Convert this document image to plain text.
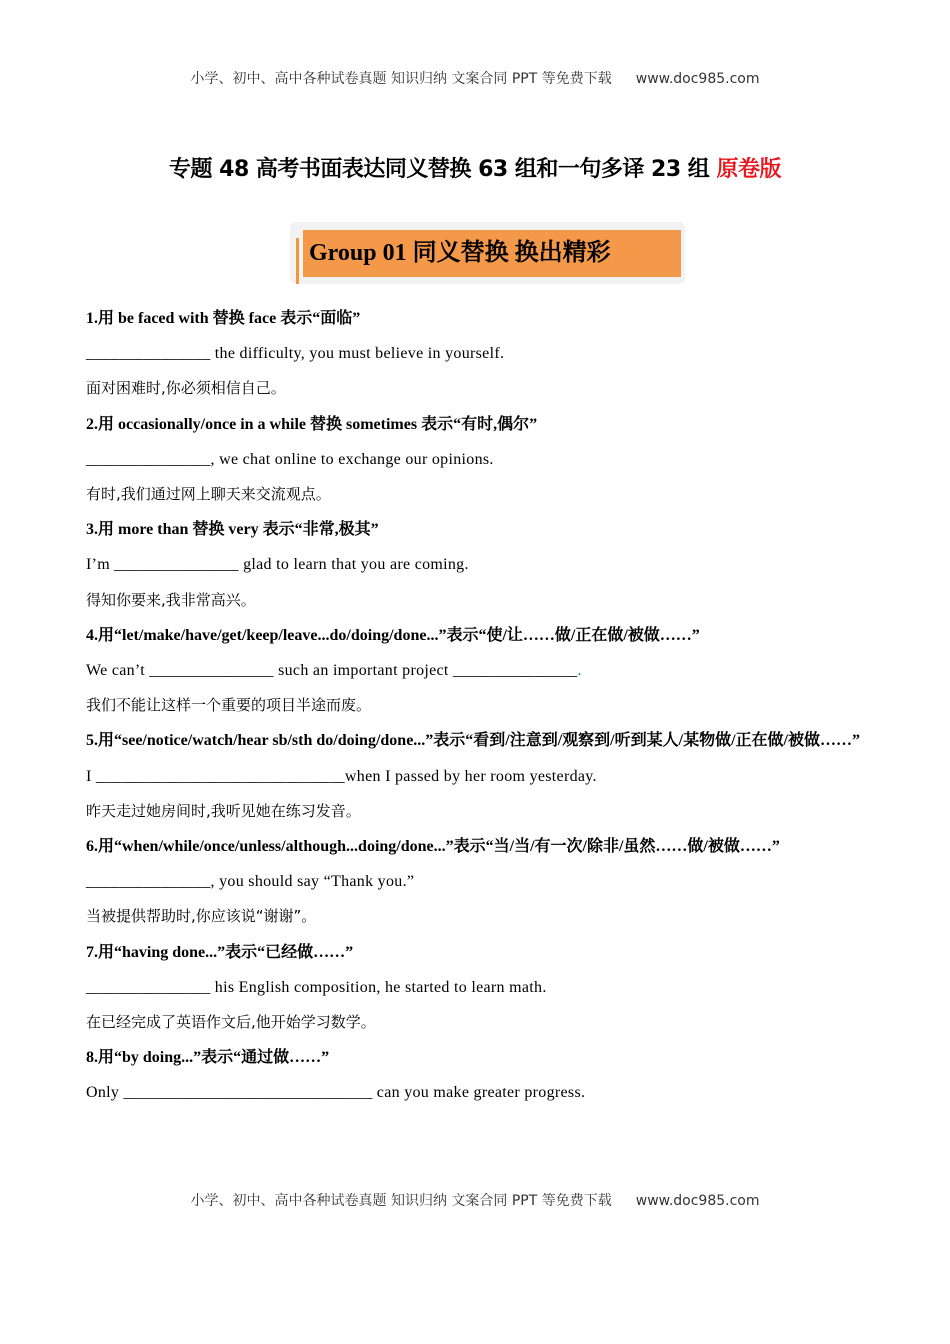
小学、初中、高中各种试卷真题 知识归纳 文案合同 PPT 等免费下载 www.doc985.com
专题 48 高考书面表达同义替换 63 组和一句多译 23 组 原卷版
Group 01 同义替换 换出精彩
1.用 be faced with 替换 face 表示“面临”
_______________ the difficulty, you must believe in yourself.
面对困难时,你必须相信自己。
2.用 occasionally/once in a while 替换 sometimes 表示“有时,偶尔”
_______________, we chat online to exchange our opinions.
有时,我们通过网上聊天来交流观点。
3.用 more than 替换 very 表示“非常,极其”
I’m _______________ glad to learn that you are coming.
得知你要来,我非常高兴。
4.用“let/make/have/get/keep/leave...do/doing/done...”表示“使/让……做/正在做/被做……”
We can’t _______________ such an important project _______________.
我们不能让这样一个重要的项目半途而废。
5.用“see/notice/watch/hear sb/sth do/doing/done...”表示“看到/注意到/观察到/听到某人/某物做/正在做/被做……”
I ______________________________when I passed by her room yesterday.
昨天走过她房间时,我听见她在练习发音。
6.用“when/while/once/unless/although...doing/done...”表示“当/当/有一次/除非/虽然……做/被做……”
_______________, you should say “Thank you.”
当被提供帮助时,你应该说“谢谢”。
7.用“having done...”表示“已经做……”
_______________ his English composition, he started to learn math.
在已经完成了英语作文后,他开始学习数学。
8.用“by doing...”表示“通过做……”
Only ______________________________ can you make greater progress.
小学、初中、高中各种试卷真题 知识归纳 文案合同 PPT 等免费下载 www.doc985.com
